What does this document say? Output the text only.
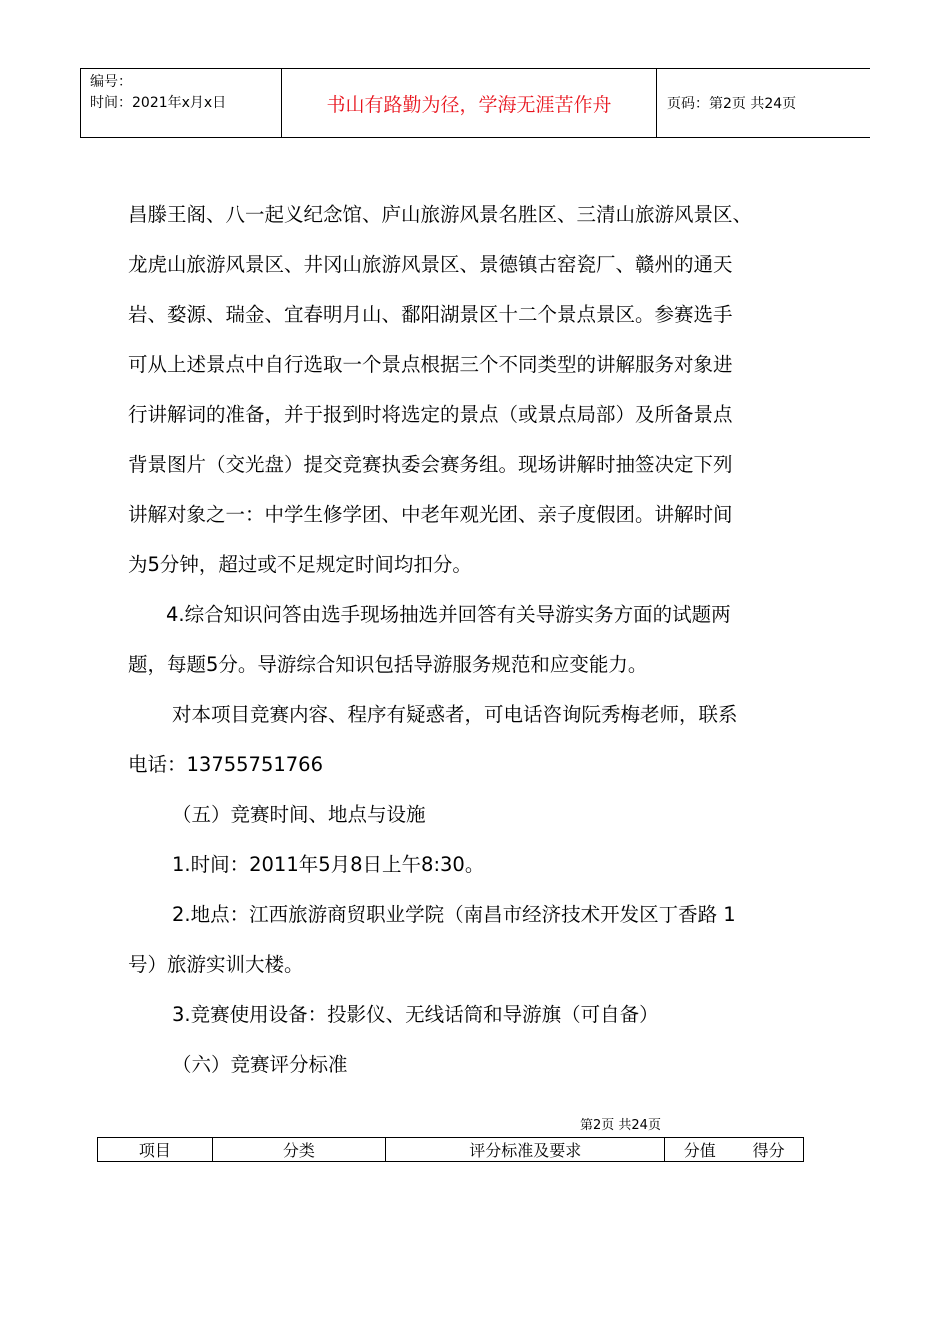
编号：
时间：2021年x月x日	书山有路勤为径，学海无涯苦作舟	页码：第2页 共24页

昌滕王阁、八一起义纪念馆、庐山旅游风景名胜区、三清山旅游风景区、

龙虎山旅游风景区、井冈山旅游风景区、景德镇古窑瓷厂、赣州的通天

岩、婺源、瑞金、宜春明月山、鄱阳湖景区十二个景点景区。参赛选手

可从上述景点中自行选取一个景点根据三个不同类型的讲解服务对象进

行讲解词的准备，并于报到时将选定的景点（或景点局部）及所备景点

背景图片（交光盘）提交竞赛执委会赛务组。现场讲解时抽签决定下列

讲解对象之一：中学生修学团、中老年观光团、亲子度假团。讲解时间

为5分钟，超过或不足规定时间均扣分。

4.综合知识问答由选手现场抽选并回答有关导游实务方面的试题两

题，每题5分。导游综合知识包括导游服务规范和应变能力。

对本项目竞赛内容、程序有疑惑者，可电话咨询阮秀梅老师，联系

电话：13755751766

（五）竞赛时间、地点与设施

1.时间：2011年5月8日上午8:30。

2.地点：江西旅游商贸职业学院（南昌市经济技术开发区丁香路 1

号）旅游实训大楼。

3.竞赛使用设备：投影仪、无线话筒和导游旗（可自备）

（六）竞赛评分标准

第2页 共24页
项目	分类	评分标准及要求	分值 得分
